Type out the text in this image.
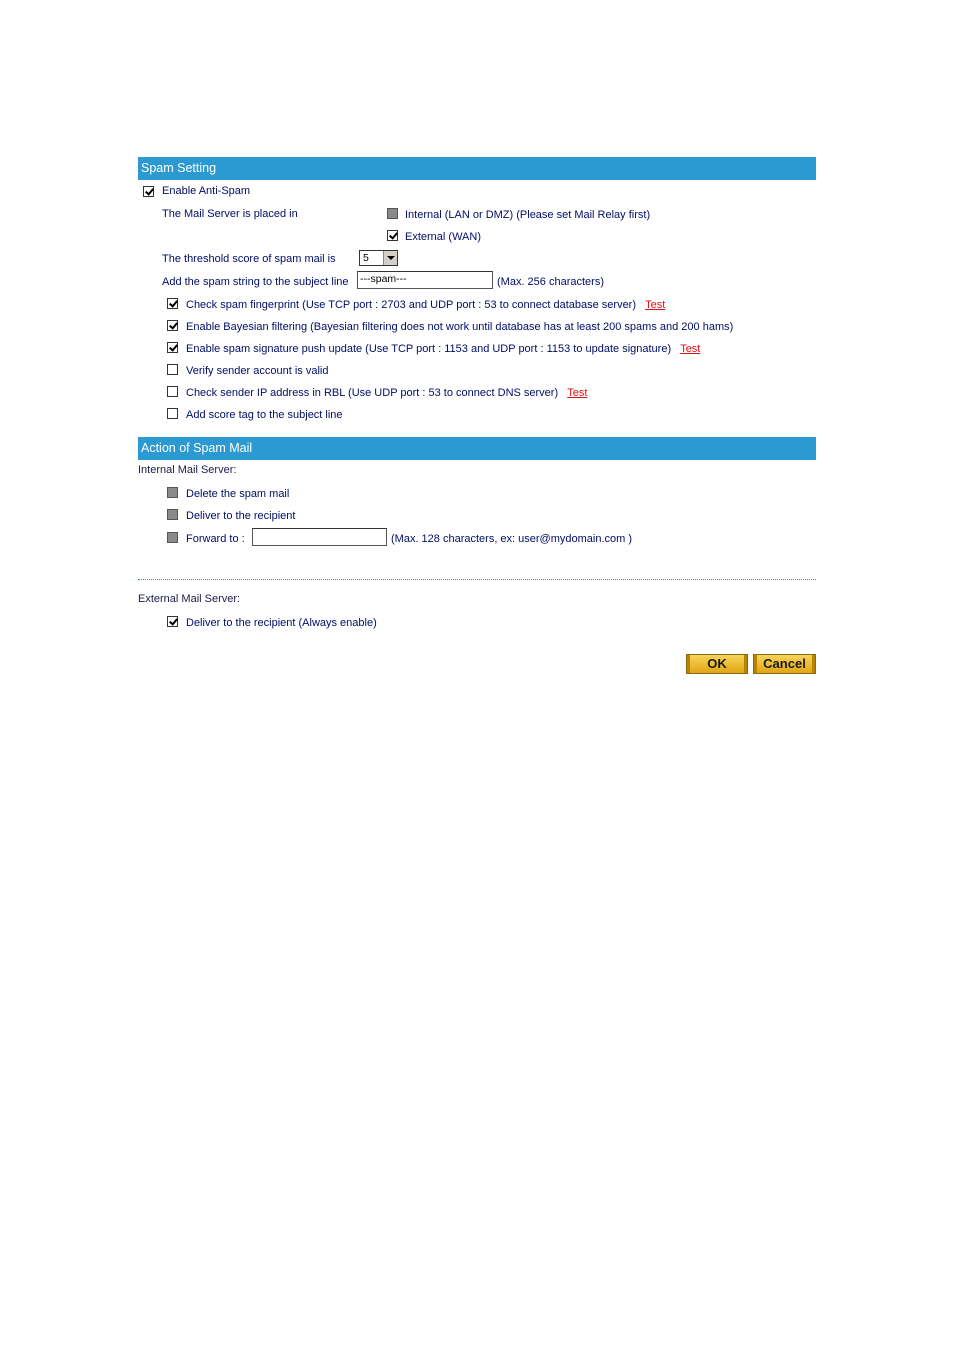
Spam Setting
Enable Anti-Spam
The Mail Server is placed in	Internal (LAN or DMZ) (Please set Mail Relay first)
External (WAN)
The threshold score of spam mail is	5
Add the spam string to the subject line ---spam---	(Max. 256 characters)
Check spam fingerprint (Use TCP port : 2703 and UDP port : 53 to connect database server) Test
Enable Bayesian filtering (Bayesian filtering does not work until database has at least 200 spams and 200 hams)
Enable spam signature push update (Use TCP port : 1153 and UDP port : 1153 to update signature) Test
Verify sender account is valid
Check sender IP address in RBL (Use UDP port : 53 to connect DNS server) Test
Add score tag to the subject line
Action of Spam Mail
Internal Mail Server:
Delete the spam mail
Deliver to the recipient
Forward to :	(Max. 128 characters, ex: user@mydomain.com )
External Mail Server:
Deliver to the recipient (Always enable)
OK	Cancel
